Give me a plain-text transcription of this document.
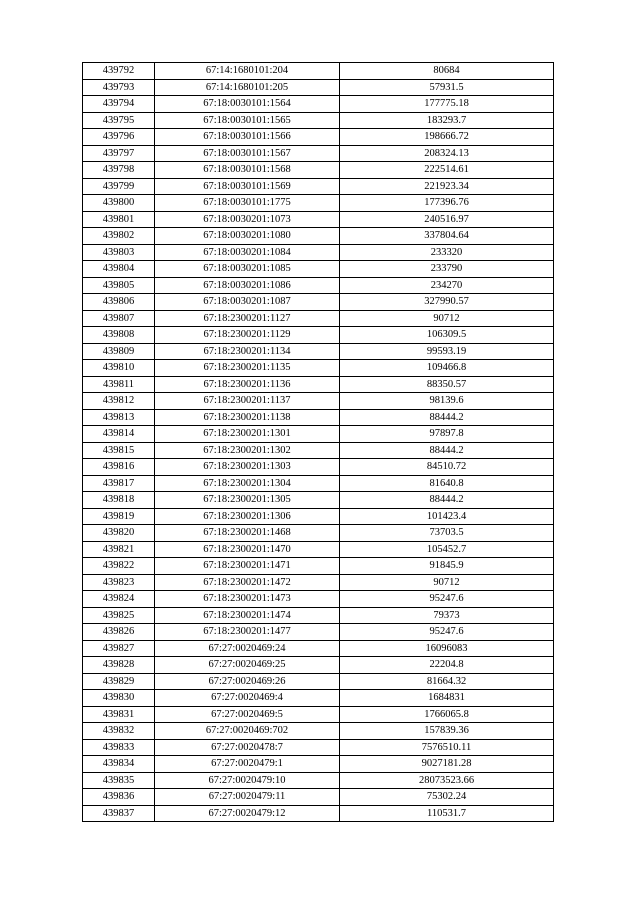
439792	67:14:1680101:204	80684
439793	67:14:1680101:205	57931.5
439794	67:18:0030101:1564	177775.18
439795	67:18:0030101:1565	183293.7
439796	67:18:0030101:1566	198666.72
439797	67:18:0030101:1567	208324.13
439798	67:18:0030101:1568	222514.61
439799	67:18:0030101:1569	221923.34
439800	67:18:0030101:1775	177396.76
439801	67:18:0030201:1073	240516.97
439802	67:18:0030201:1080	337804.64
439803	67:18:0030201:1084	233320
439804	67:18:0030201:1085	233790
439805	67:18:0030201:1086	234270
439806	67:18:0030201:1087	327990.57
439807	67:18:2300201:1127	90712
439808	67:18:2300201:1129	106309.5
439809	67:18:2300201:1134	99593.19
439810	67:18:2300201:1135	109466.8
439811	67:18:2300201:1136	88350.57
439812	67:18:2300201:1137	98139.6
439813	67:18:2300201:1138	88444.2
439814	67:18:2300201:1301	97897.8
439815	67:18:2300201:1302	88444.2
439816	67:18:2300201:1303	84510.72
439817	67:18:2300201:1304	81640.8
439818	67:18:2300201:1305	88444.2
439819	67:18:2300201:1306	101423.4
439820	67:18:2300201:1468	73703.5
439821	67:18:2300201:1470	105452.7
439822	67:18:2300201:1471	91845.9
439823	67:18:2300201:1472	90712
439824	67:18:2300201:1473	95247.6
439825	67:18:2300201:1474	79373
439826	67:18:2300201:1477	95247.6
439827	67:27:0020469:24	16096083
439828	67:27:0020469:25	22204.8
439829	67:27:0020469:26	81664.32
439830	67:27:0020469:4	1684831
439831	67:27:0020469:5	1766065.8
439832	67:27:0020469:702	157839.36
439833	67:27:0020478:7	7576510.11
439834	67:27:0020479:1	9027181.28
439835	67:27:0020479:10	28073523.66
439836	67:27:0020479:11	75302.24
439837	67:27:0020479:12	110531.7
